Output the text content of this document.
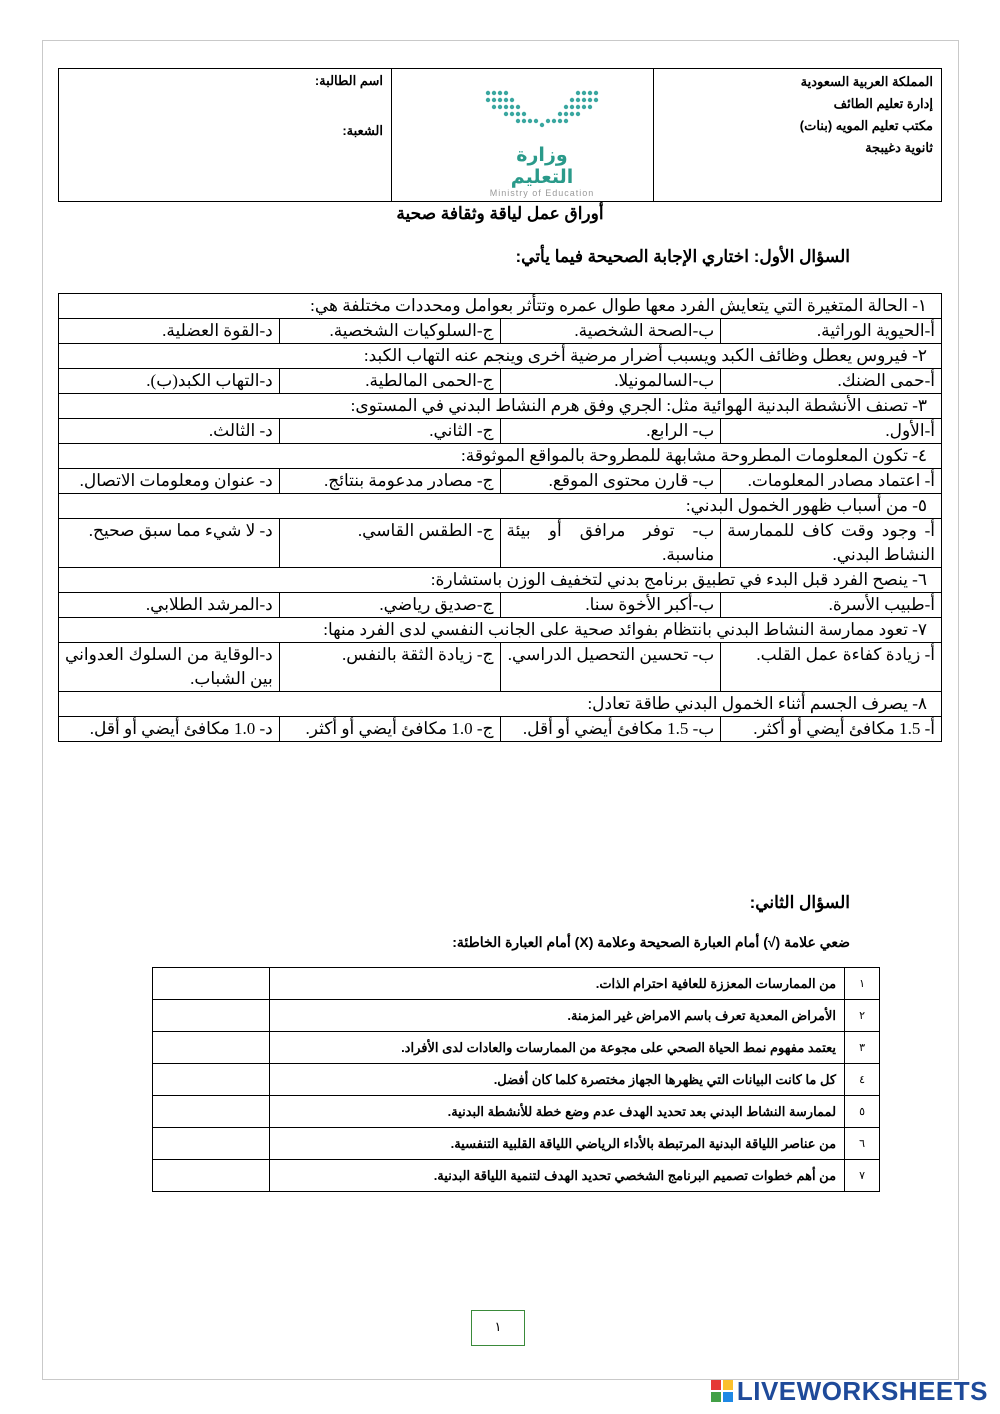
المملكة العربية السعودية
إدارة تعليم الطائف
مكتب تعليم المويه (بنات)
ثانوية دغيبجة
وزارة التعليم
Ministry of Education
اسم الطالبة:
الشعبة:
أوراق عمل لياقة وثقافة صحية
السؤال الأول: اختاري الإجابة الصحيحة فيما يأتي:
١- الحالة المتغيرة التي يتعايش الفرد معها طوال عمره وتتأثر بعوامل ومحددات مختلفة هي:			
أ-الحيوية الوراثية.	ب-الصحة الشخصية.	ج-السلوكيات الشخصية.	د-القوة العضلية.
٢- فيروس يعطل وظائف الكبد ويسبب أضرار مرضية أخرى وينجم عنه التهاب الكبد:			
أ-حمى الضنك.	ب-السالمونيلا.	ج-الحمى المالطية.	د-التهاب الكبد(ب).
٣- تصنف الأنشطة البدنية الهوائية مثل: الجري وفق هرم النشاط البدني في المستوى:			
أ-الأول.	ب- الرابع.	ج- الثاني.	د- الثالث.
٤- تكون المعلومات المطروحة مشابهة للمطروحة بالمواقع الموثوقة:			
أ- اعتماد مصادر المعلومات.	ب- قارن محتوى الموقع.	ج- مصادر مدعومة بنتائج.	د- عنوان ومعلومات الاتصال.
٥- من أسباب ظهور الخمول البدني:			
أ- وجود وقت كاف للممارسة النشاط البدني.	ب- توفر مرافق أو بيئة مناسبة.	ج- الطقس القاسي.	د- لا شيء مما سبق صحيح.
٦- ينصح الفرد قبل البدء في تطبيق برنامج بدني لتخفيف الوزن باستشارة:			
أ-طبيب الأسرة.	ب-أكبر الأخوة سنا.	ج-صديق رياضي.	د-المرشد الطلابي.
٧- تعود ممارسة النشاط البدني بانتظام بفوائد صحية على الجانب النفسي لدى الفرد منها:			
أ- زيادة كفاءة عمل القلب.	ب- تحسين التحصيل الدراسي.	ج- زيادة الثقة بالنفس.	د-الوقاية من السلوك العدواني بين الشباب.
٨- يصرف الجسم أثناء الخمول البدني طاقة تعادل:			
أ- 1.5 مكافئ أيضي أو أكثر.	ب- 1.5 مكافئ أيضي أو أقل.	ج- 1.0 مكافئ أيضي أو أكثر.	د- 1.0 مكافئ أيضي أو أقل.
السؤال الثاني:
ضعي علامة (√) أمام العبارة الصحيحة وعلامة (X) أمام العبارة الخاطئة:
١	من الممارسات المعززة للعافية احترام الذات.	
٢	الأمراض المعدية تعرف باسم الامراض غير المزمنة.	
٣	يعتمد مفهوم نمط الحياة الصحي على مجوعة من الممارسات والعادات لدى الأفراد.	
٤	كل ما كانت البيانات التي يظهرها الجهاز مختصرة كلما كان أفضل.	
٥	لممارسة النشاط البدني بعد تحديد الهدف عدم وضع خطة للأنشطة البدنية.	
٦	من عناصر اللياقة البدنية المرتبطة بالأداء الرياضي اللياقة القلبية التنفسية.	
٧	من أهم خطوات تصميم البرنامج الشخصي تحديد الهدف لتنمية اللياقة البدنية.	
١
LIVEWORKSHEETS
